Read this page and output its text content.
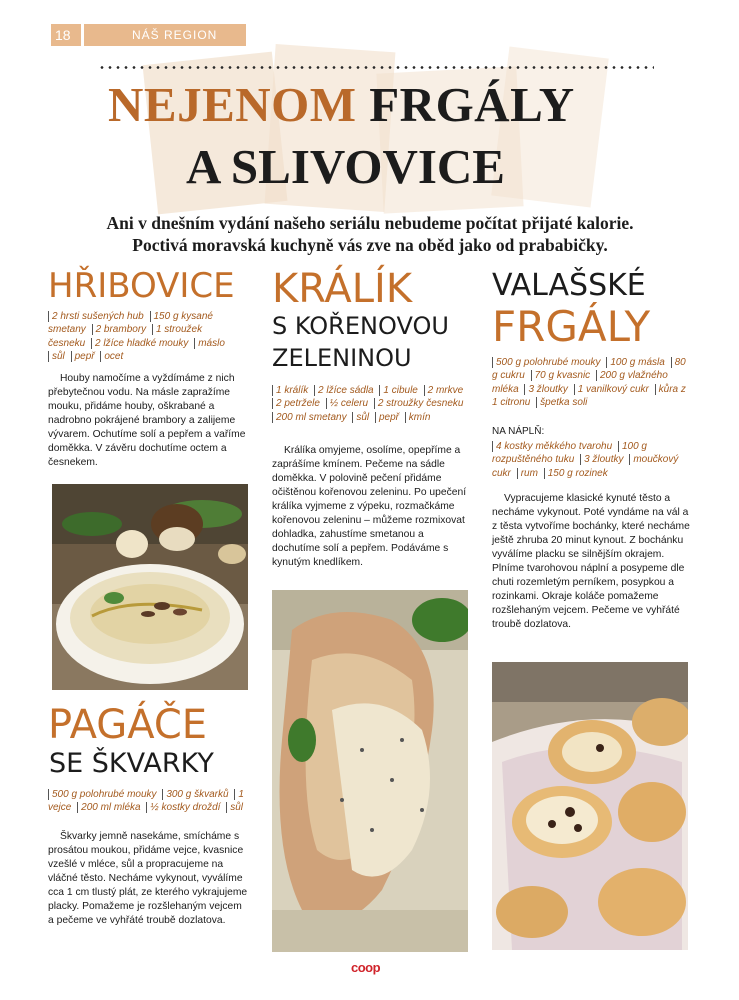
18	NÁŠ REGION
NEJENOM FRGÁLY
A SLIVOVICE
Ani v dnešním vydání našeho seriálu nebudeme počítat přijaté kalorie.
Poctivá moravská kuchyně vás zve na oběd jako od prababičky.
HŘIBOVICE
2 hrsti sušených hub 150 g kysané smetany 2 brambory 1 stroužek česneku 2 lžíce hladké mouky máslo sůl pepř ocet

Houby namočíme a vyždímáme z nich přebytečnou vodu. Na másle zapražíme mouku, přidáme houby, oškrabané a nadrobno pokrájené brambory a zalijeme vývarem. Ochutíme solí a pepřem a vaříme doměkka. V závěru dochutíme octem a česnekem.

PAGÁČE
SE ŠKVARKY
500 g polohrubé mouky 300 g škvarků 1 vejce 200 ml mléka ½ kostky droždí sůl

Škvarky jemně nasekáme, smícháme s prosátou moukou, přidáme vejce, kvasnice vzešlé v mléce, sůl a propracujeme na vláčné těsto. Necháme vykynout, vyválíme cca 1 cm tlustý plát, ze kterého vykrajujeme placky. Pomažeme je rozšlehaným vejcem a pečeme ve vyhřáté troubě dozlatova.

KRÁLÍK
S KOŘENOVOU
ZELENINOU
1 králík 2 lžíce sádla 1 cibule 2 mrkve 2 petržele ½ celeru 2 stroužky česneku 200 ml smetany sůl pepř kmín

Králíka omyjeme, osolíme, opepříme a zaprášíme kmínem. Pečeme na sádle doměkka. V polovině pečení přidáme očištěnou kořenovou zeleninu. Po upečení králíka vyjmeme z výpeku, rozmačkáme kořenovou zeleninu – můžeme rozmixovat dohladka, zahustíme smetanou a dochutíme solí a pepřem. Podáváme s kynutým knedlíkem.

VALAŠSKÉ
FRGÁLY
500 g polohrubé mouky 100 g másla 80 g cukru 70 g kvasnic 200 g vlažného mléka 3 žloutky 1 vanilkový cukr kůra z 1 citronu špetka soli
NA NÁPLŇ:
4 kostky měkkého tvarohu 100 g rozpuštěného tuku 3 žloutky moučkový cukr rum 150 g rozinek

Vypracujeme klasické kynuté těsto a necháme vykynout. Poté vyndáme na vál a z těsta vytvoříme bochánky, které necháme ještě zhruba 20 minut kynout. Z bochánku vyválíme placku se silnějším okrajem. Plníme tvarohovou náplní a posypeme dle chuti rozemletým perníkem, posypkou a rozinkami. Okraje koláče pomažeme rozšlehaným vejcem. Pečeme ve vyhřáté troubě dozlatova.

coop
